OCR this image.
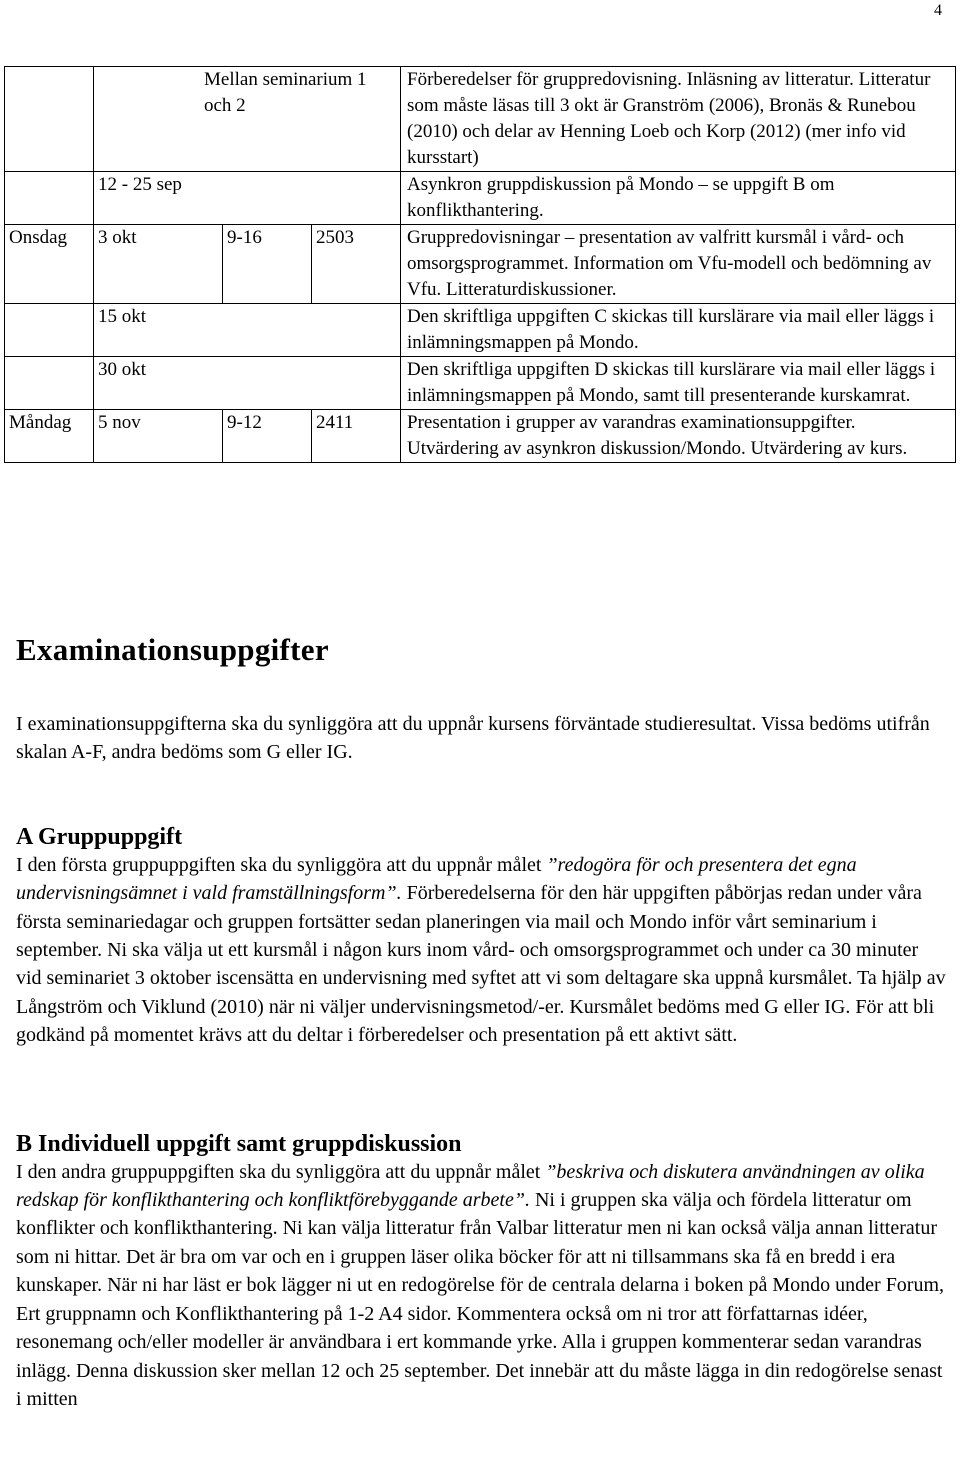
4
	Mellan seminarium 1 och 2			Förberedelser för gruppredovisning. Inläsning av litteratur. Litteratur som måste läsas till 3 okt är Granström (2006), Bronäs & Runebou (2010) och delar av Henning Loeb och Korp (2012) (mer info vid kursstart)
	12 - 25 sep			Asynkron gruppdiskussion på Mondo – se uppgift B om konflikthantering.
Onsdag	3 okt	9-16	2503	Gruppredovisningar – presentation av valfritt kursmål i vård- och omsorgsprogrammet. Information om Vfu-modell och bedömning av Vfu. Litteraturdiskussioner.
	15 okt			Den skriftliga uppgiften C skickas till kurslärare via mail eller läggs i inlämningsmappen på Mondo.
	30 okt			Den skriftliga uppgiften D skickas till kurslärare via mail eller läggs i inlämningsmappen på Mondo, samt till presenterande kurskamrat.
Måndag	5 nov	9-12	2411	Presentation i grupper av varandras examinationsuppgifter. Utvärdering av asynkron diskussion/Mondo. Utvärdering av kurs.
Examinationsuppgifter

I examinationsuppgifterna ska du synliggöra att du uppnår kursens förväntade studieresultat. Vissa bedöms utifrån skalan A-F, andra bedöms som G eller IG.

A Gruppuppgift

I den första gruppuppgiften ska du synliggöra att du uppnår målet ”redogöra för och presentera det egna undervisningsämnet i vald framställningsform”. Förberedelserna för den här uppgiften påbörjas redan under våra första seminariedagar och gruppen fortsätter sedan planeringen via mail och Mondo inför vårt seminarium i september. Ni ska välja ut ett kursmål i någon kurs inom vård- och omsorgsprogrammet och under ca 30 minuter vid seminariet 3 oktober iscensätta en undervisning med syftet att vi som deltagare ska uppnå kursmålet. Ta hjälp av Långström och Viklund (2010) när ni väljer undervisningsmetod/-er. Kursmålet bedöms med G eller IG. För att bli godkänd på momentet krävs att du deltar i förberedelser och presentation på ett aktivt sätt.

B Individuell uppgift samt gruppdiskussion

I den andra gruppuppgiften ska du synliggöra att du uppnår målet ”beskriva och diskutera användningen av olika redskap för konflikthantering och konfliktförebyggande arbete”. Ni i gruppen ska välja och fördela litteratur om konflikter och konflikthantering. Ni kan välja litteratur från Valbar litteratur men ni kan också välja annan litteratur som ni hittar. Det är bra om var och en i gruppen läser olika böcker för att ni tillsammans ska få en bredd i era kunskaper. När ni har läst er bok lägger ni ut en redogörelse för de centrala delarna i boken på Mondo under Forum, Ert gruppnamn och Konflikthantering på 1-2 A4 sidor. Kommentera också om ni tror att författarnas idéer, resonemang och/eller modeller är användbara i ert kommande yrke. Alla i gruppen kommenterar sedan varandras inlägg. Denna diskussion sker mellan 12 och 25 september. Det innebär att du måste lägga in din redogörelse senast i mitten
